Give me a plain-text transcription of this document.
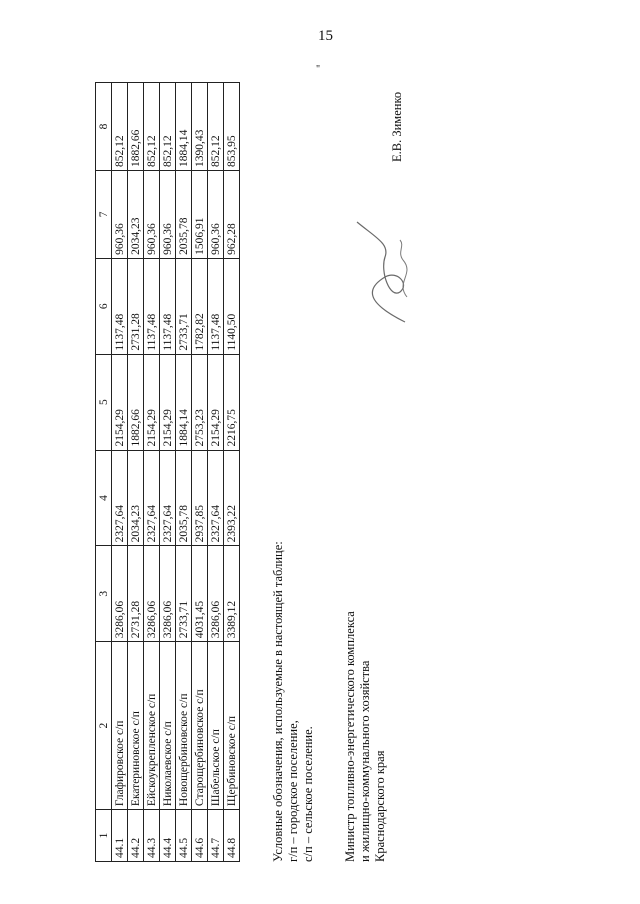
15
"
1	2	3	4	5	6	7	8
44.1	Глафировское с/п	3286,06	2327,64	2154,29	1137,48	960,36	852,12
44.2	Екатериновское с/п	2731,28	2034,23	1882,66	2731,28	2034,23	1882,66
44.3	Ейскоукрепленское с/п	3286,06	2327,64	2154,29	1137,48	960,36	852,12
44.4	Николаевское с/п	3286,06	2327,64	2154,29	1137,48	960,36	852,12
44.5	Новощербиновское с/п	2733,71	2035,78	1884,14	2733,71	2035,78	1884,14
44.6	Старощербиновское с/п	4031,45	2937,85	2753,23	1782,82	1506,91	1390,43
44.7	Шабельское с/п	3286,06	2327,64	2154,29	1137,48	960,36	852,12
44.8	Щербиновское с/п	3389,12	2393,22	2216,75	1140,50	962,28	853,95
Условные обозначения, используемые в настоящей таблице: г/п – городское поселение, с/п – сельское поселение. Министр топливно-энергетического комплекса и жилищно-коммунального хозяйства Краснодарского края
Е.В. Зименко
